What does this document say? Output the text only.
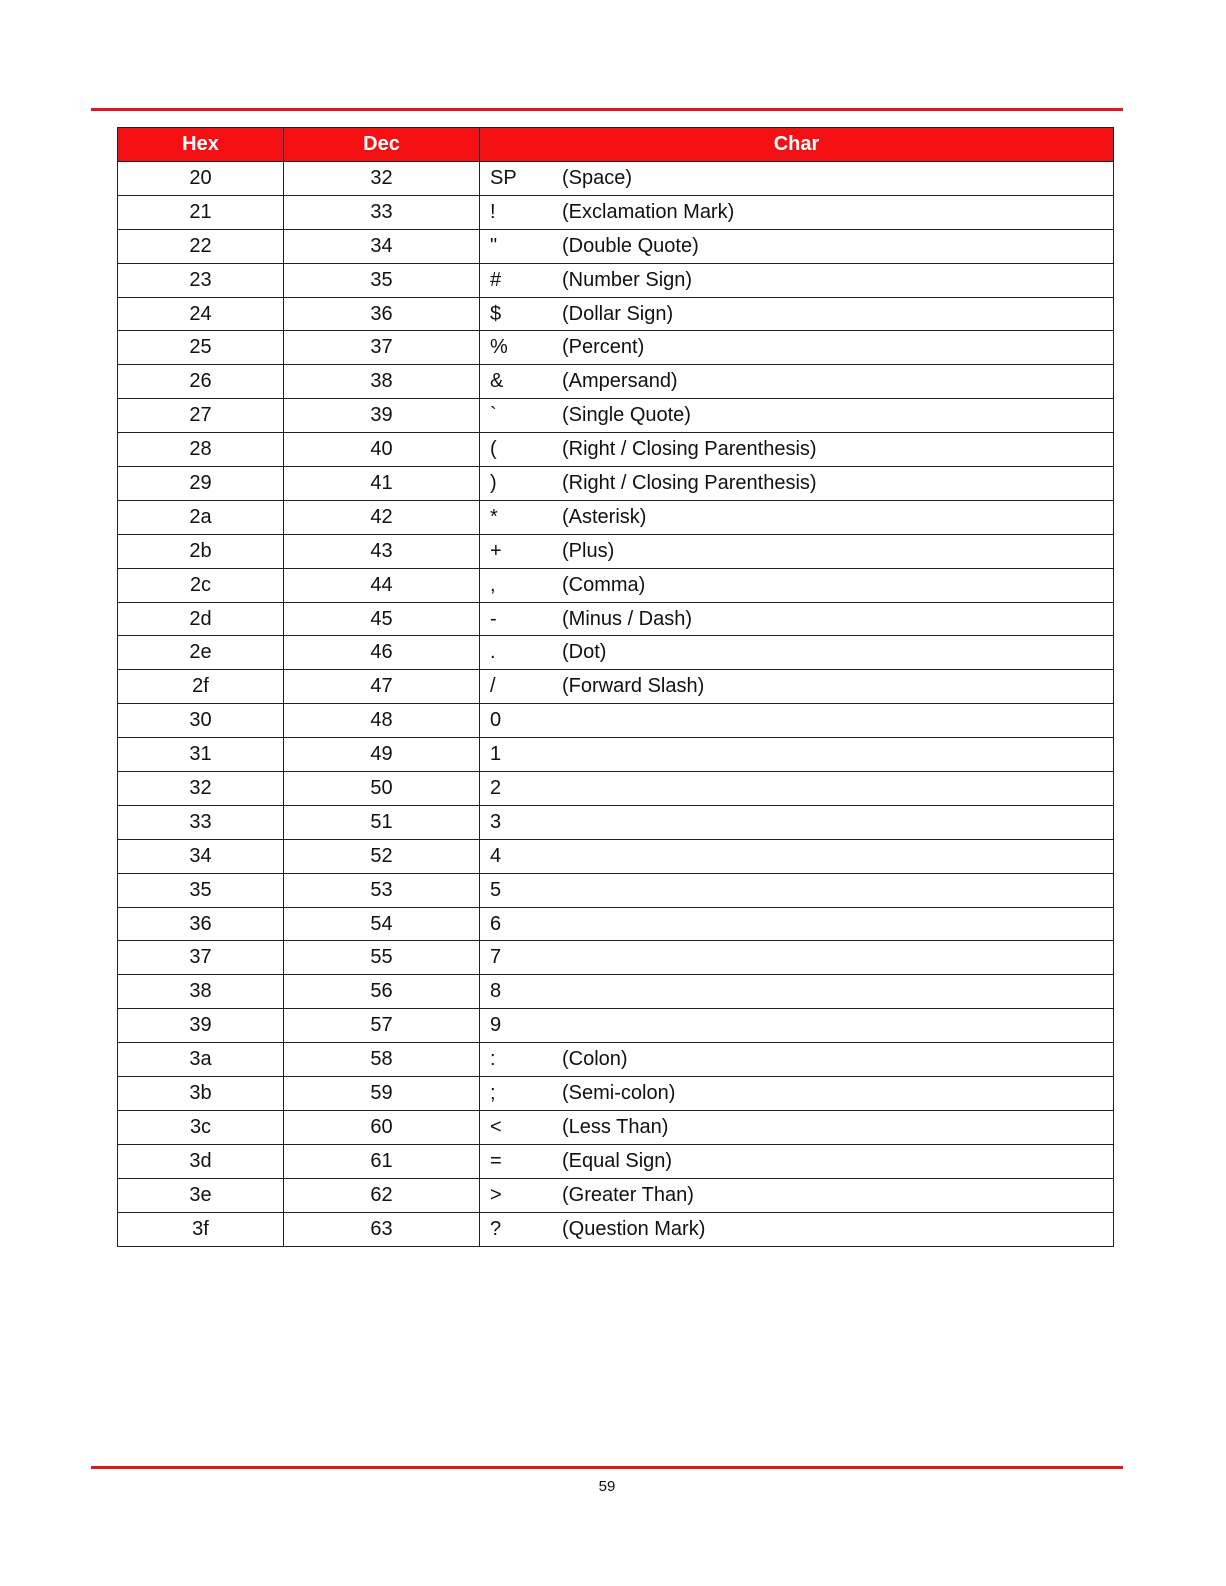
Hex	Dec	Char
20	32	SP (Space)
21	33	! (Exclamation Mark)
22	34	" (Double Quote)
23	35	# (Number Sign)
24	36	$ (Dollar Sign)
25	37	% (Percent)
26	38	& (Ampersand)
27	39	` (Single Quote)
28	40	( (Right / Closing Parenthesis)
29	41	) (Right / Closing Parenthesis)
2a	42	* (Asterisk)
2b	43	+ (Plus)
2c	44	, (Comma)
2d	45	- (Minus / Dash)
2e	46	. (Dot)
2f	47	/ (Forward Slash)
30	48	0
31	49	1
32	50	2
33	51	3
34	52	4
35	53	5
36	54	6
37	55	7
38	56	8
39	57	9
3a	58	: (Colon)
3b	59	; (Semi-colon)
3c	60	< (Less Than)
3d	61	= (Equal Sign)
3e	62	> (Greater Than)
3f	63	? (Question Mark)
59
